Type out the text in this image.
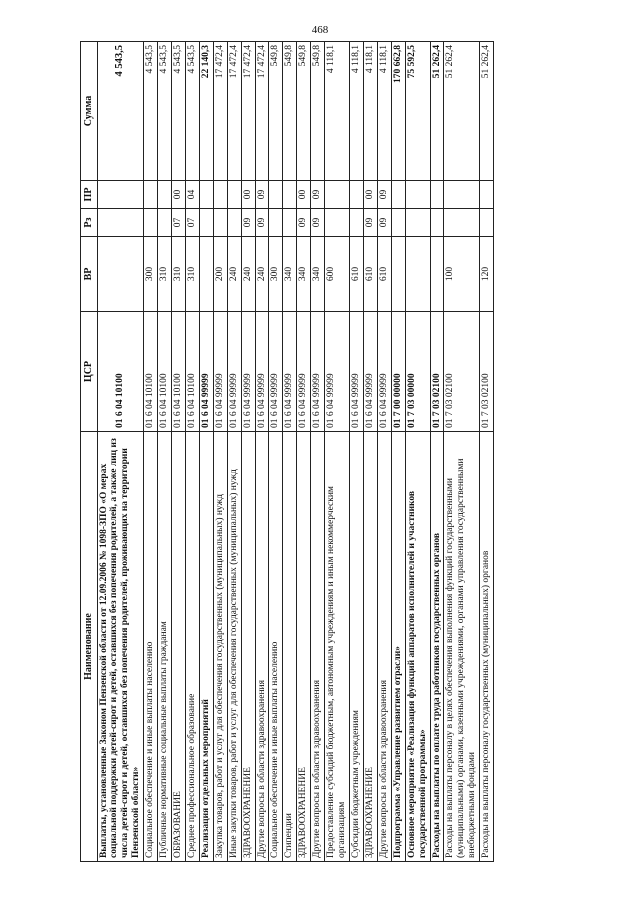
468
Наименование	ЦСР	ВР	Рз	ПР	Сумма
Выплаты, установленные Законом Пензенской области от 12.09.2006 № 1098-ЗПО «О мерах социальной поддержки детей-сирот и детей, оставшихся без попечения родителей, а также лиц из числа детей-сирот и детей, оставшихся без попечения родителей, проживающих на территории Пензенской области»	01 6 04 10100				4 543,5
Социальное обеспечение и иные выплаты населению	01 6 04 10100	300			4 543,5
Публичные нормативные социальные выплаты гражданам	01 6 04 10100	310			4 543,5
ОБРАЗОВАНИЕ	01 6 04 10100	310	07	00	4 543,5
Среднее профессиональное образование	01 6 04 10100	310	07	04	4 543,5
Реализация отдельных мероприятий	01 6 04 99999				22 140,3
Закупка товаров, работ и услуг для обеспечения государственных (муниципальных) нужд	01 6 04 99999	200			17 472,4
Иные закупки товаров, работ и услуг для обеспечения государственных (муниципальных) нужд	01 6 04 99999	240			17 472,4
ЗДРАВООХРАНЕНИЕ	01 6 04 99999	240	09	00	17 472,4
Другие вопросы в области здравоохранения	01 6 04 99999	240	09	09	17 472,4
Социальное обеспечение и иные выплаты населению	01 6 04 99999	300			549,8
Стипендии	01 6 04 99999	340			549,8
ЗДРАВООХРАНЕНИЕ	01 6 04 99999	340	09	00	549,8
Другие вопросы в области здравоохранения	01 6 04 99999	340	09	09	549,8
Предоставление субсидий бюджетным, автономным учреждениям и иным некоммерческим организациям	01 6 04 99999	600			4 118,1
Субсидии бюджетным учреждениям	01 6 04 99999	610			4 118,1
ЗДРАВООХРАНЕНИЕ	01 6 04 99999	610	09	00	4 118,1
Другие вопросы в области здравоохранения	01 6 04 99999	610	09	09	4 118,1
Подпрограмма «Управление развитием отрасли»	01 7 00 00000				170 662,8
Основное мероприятие «Реализация функций аппаратов исполнителей и участников государственной программы»	01 7 03 00000				75 592,5
Расходы на выплаты по оплате труда работников государственных органов	01 7 03 02100				51 262,4
Расходы на выплаты персоналу в целях обеспечения выполнения функций государственными (муниципальными) органами, казенными учреждениями, органами управления государственными внебюджетными фондами	01 7 03 02100	100			51 262,4
Расходы на выплаты персоналу государственных (муниципальных) органов	01 7 03 02100	120			51 262,4
